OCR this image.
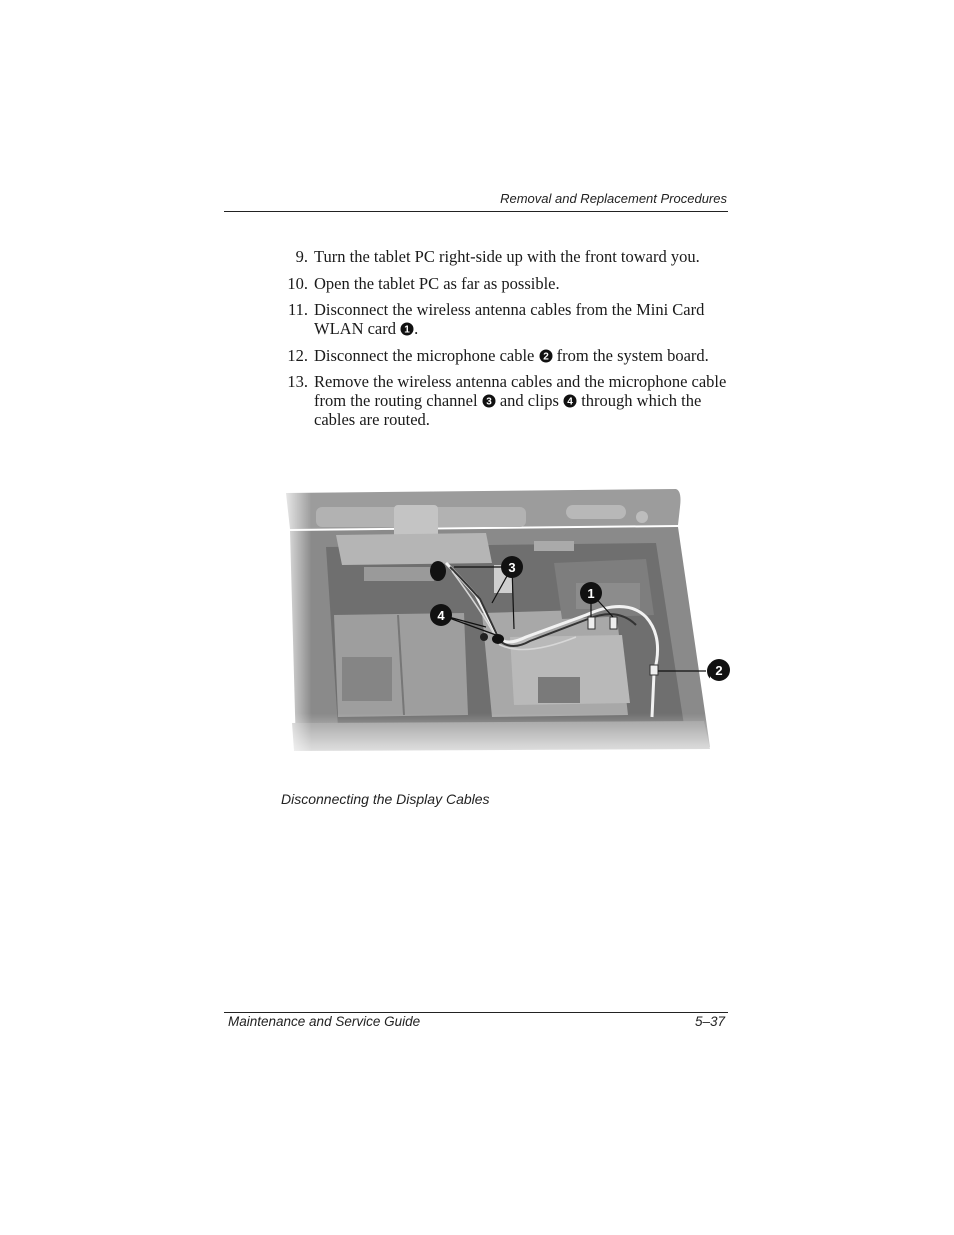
Removal and Replacement Procedures
9. Turn the tablet PC right-side up with the front toward you.
10. Open the tablet PC as far as possible.
11. Disconnect the wireless antenna cables from the Mini Card WLAN card 1 .
12. Disconnect the microphone cable 2 from the system board.
13. Remove the wireless antenna cables and the microphone cable from the routing channel 3 and clips 4 through which the cables are routed.
2
Disconnecting the Display Cables
Maintenance and Service Guide	5–37
